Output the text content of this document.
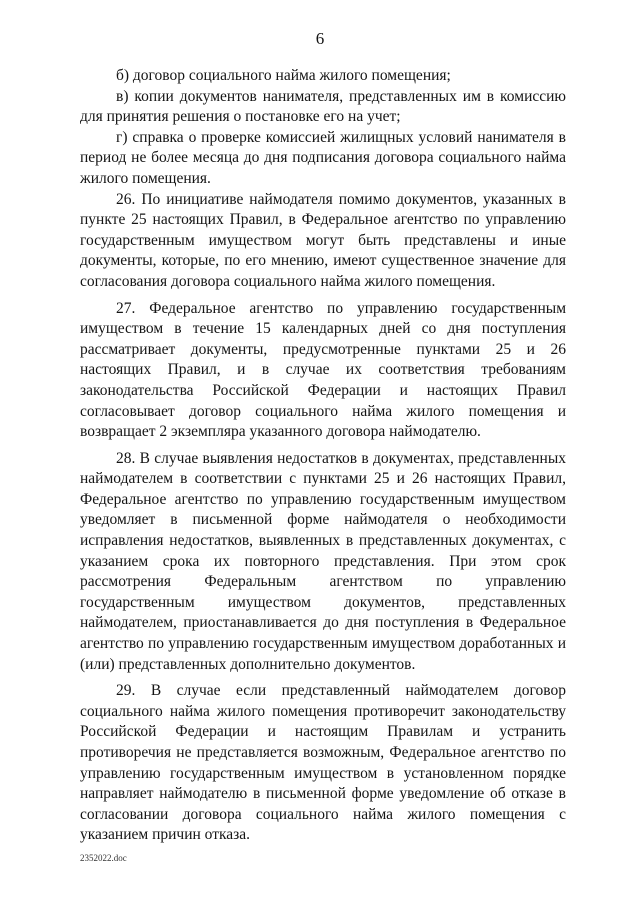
6

б) договор социального найма жилого помещения;

в) копии документов нанимателя, представленных им в комиссию для принятия решения о постановке его на учет;

г) справка о проверке комиссией жилищных условий нанимателя в период не более месяца до дня подписания договора социального найма жилого помещения.

26. По инициативе наймодателя помимо документов, указанных в пункте 25 настоящих Правил, в Федеральное агентство по управлению государственным имуществом могут быть представлены и иные документы, которые, по его мнению, имеют существенное значение для согласования договора социального найма жилого помещения.

27. Федеральное агентство по управлению государственным имуществом в течение 15 календарных дней со дня поступления рассматривает документы, предусмотренные пунктами 25 и 26 настоящих Правил, и в случае их соответствия требованиям законодательства Российской Федерации и настоящих Правил согласовывает договор социального найма жилого помещения и возвращает 2 экземпляра указанного договора наймодателю.

28. В случае выявления недостатков в документах, представленных наймодателем в соответствии с пунктами 25 и 26 настоящих Правил, Федеральное агентство по управлению государственным имуществом уведомляет в письменной форме наймодателя о необходимости исправления недостатков, выявленных в представленных документах, с указанием срока их повторного представления. При этом срок рассмотрения Федеральным агентством по управлению государственным имуществом документов, представленных наймодателем, приостанавливается до дня поступления в Федеральное агентство по управлению государственным имуществом доработанных и (или) представленных дополнительно документов.

29. В случае если представленный наймодателем договор социального найма жилого помещения противоречит законодательству Российской Федерации и настоящим Правилам и устранить противоречия не представляется возможным, Федеральное агентство по управлению государственным имуществом в установленном порядке направляет наймодателю в письменной форме уведомление об отказе в согласовании договора социального найма жилого помещения с указанием причин отказа.

2352022.doc
